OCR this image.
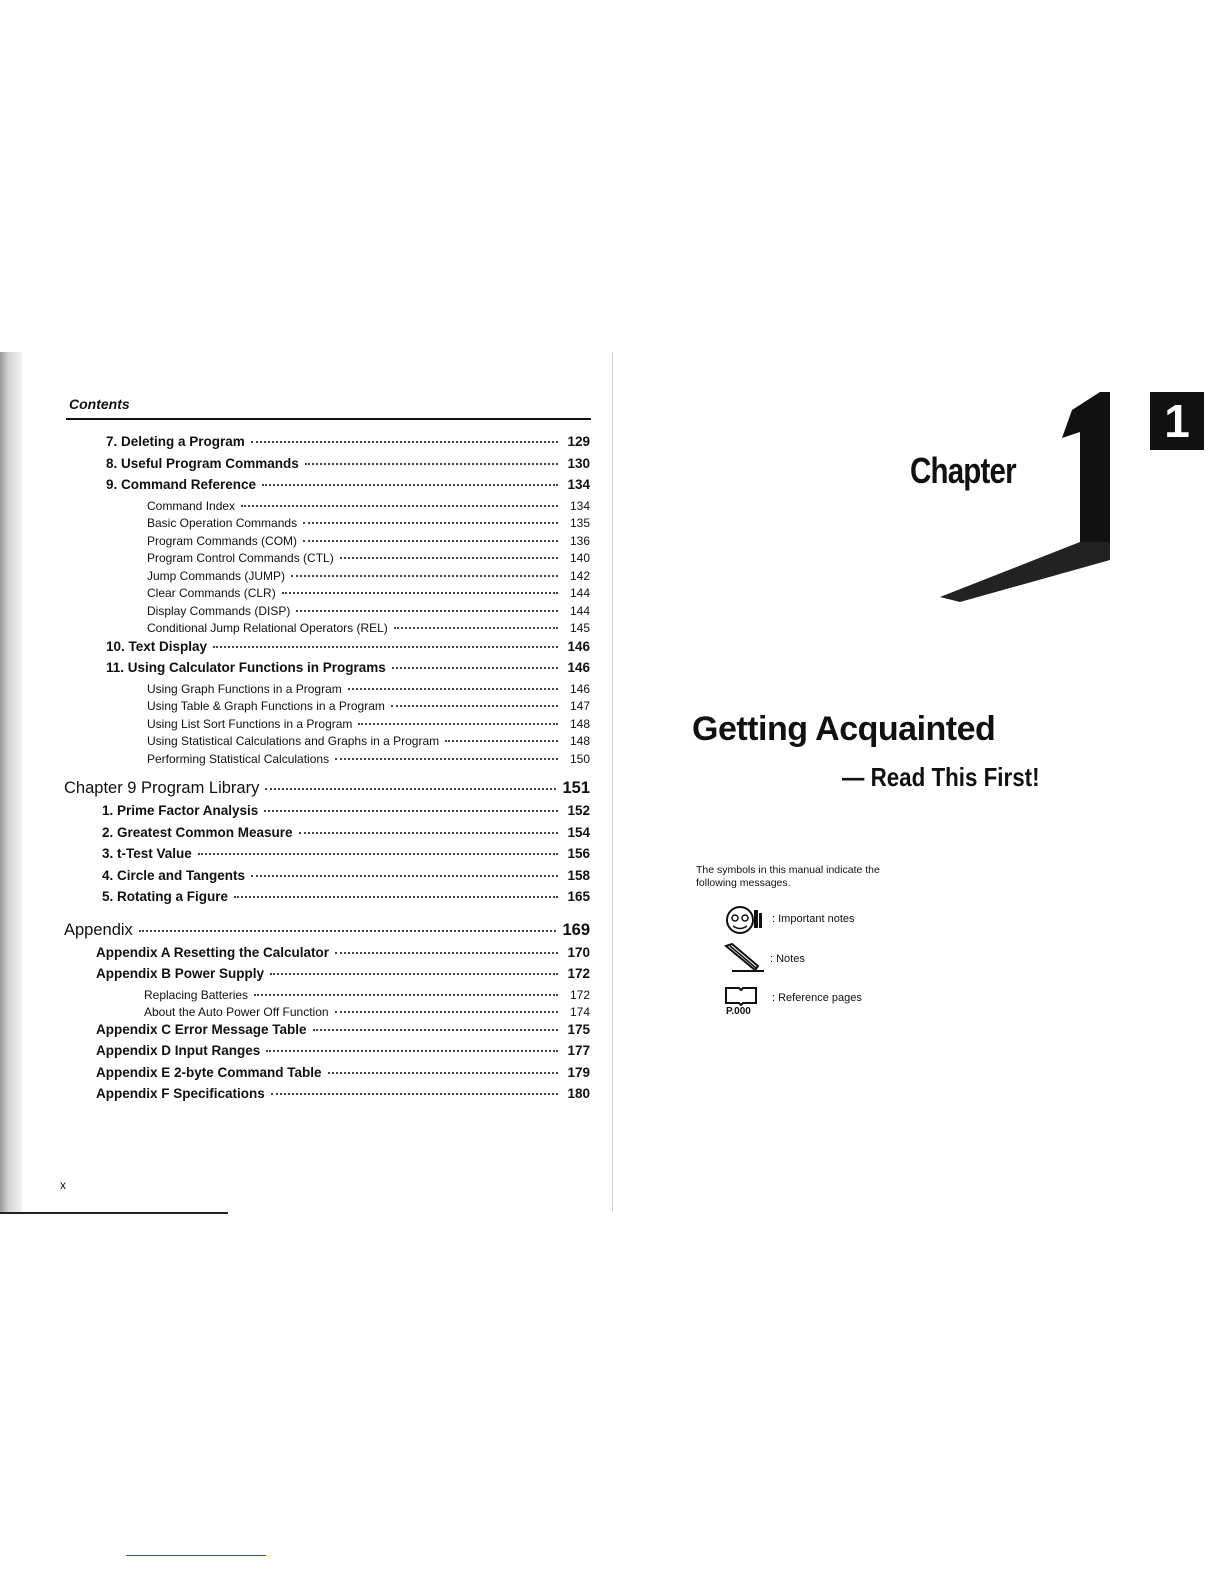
Contents
7. Deleting a Program	129
8. Useful Program Commands	130
9. Command Reference	134
Command Index	134
Basic Operation Commands	135
Program Commands (COM)	136
Program Control Commands (CTL)	140
Jump Commands (JUMP)	142
Clear Commands (CLR)	144
Display Commands (DISP)	144
Conditional Jump Relational Operators (REL)	145
10. Text Display	146
11. Using Calculator Functions in Programs	146
Using Graph Functions in a Program	146
Using Table & Graph Functions in a Program	147
Using List Sort Functions in a Program	148
Using Statistical Calculations and Graphs in a Program	148
Performing Statistical Calculations	150
Chapter 9 Program Library	151
1. Prime Factor Analysis	152
2. Greatest Common Measure	154
3. t-Test Value	156
4. Circle and Tangents	158
5. Rotating a Figure	165
Appendix	169
Appendix A Resetting the Calculator	170
Appendix B Power Supply	172
Replacing Batteries	172
About the Auto Power Off Function	174
Appendix C Error Message Table	175
Appendix D Input Ranges	177
Appendix E 2-byte Command Table	179
Appendix F Specifications	180
x
Chapter
1
Getting Acquainted
— Read This First!
The symbols in this manual indicate the following messages.
: Important notes
: Notes
P.000
: Reference pages
